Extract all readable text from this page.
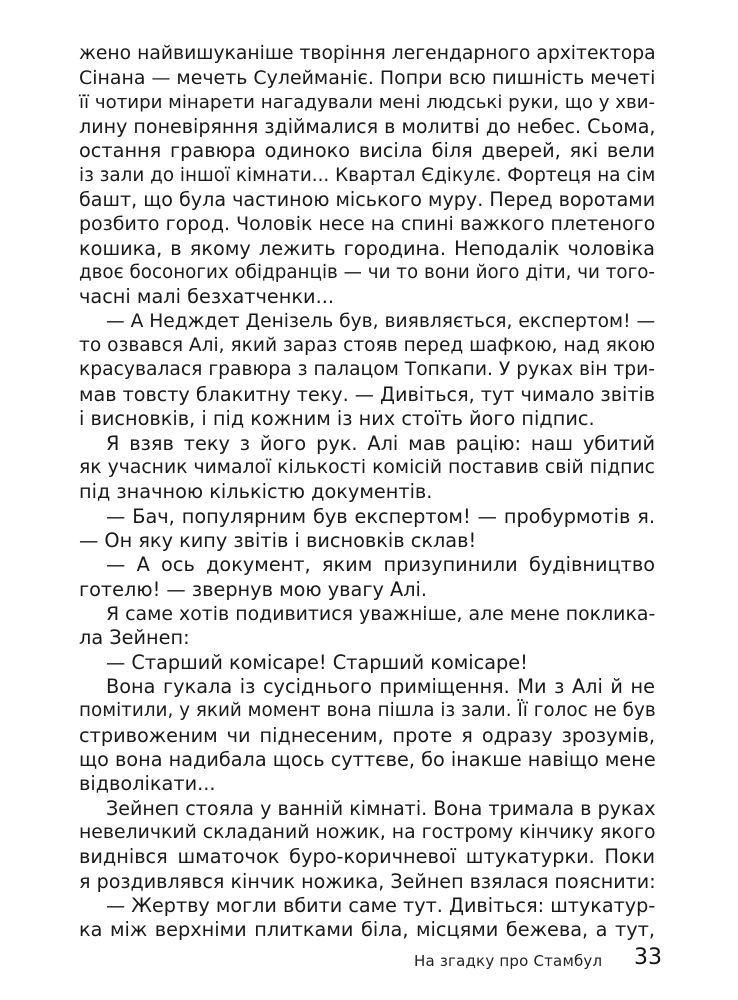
жено найвишуканіше творіння легендарного архітектора
Сінана — мечеть Сулейманіє. Попри всю пишність мечеті
її чотири мінарети нагадували мені людські руки, що у хви-
лину поневіряння здіймалися в молитві до небес. Сьома,
остання гравюра одиноко висіла біля дверей, які вели
із зали до іншої кімнати... Квартал Єдікулє. Фортеця на сім
башт, що була частиною міського муру. Перед воротами
розбито город. Чоловік несе на спині важкого плетеного
кошика, в якому лежить городина. Неподалік чоловіка
двоє босоногих обідранців — чи то вони його діти, чи того-
часні малі безхатченки...
— А Недждет Денізель був, виявляється, експертом! —
то озвався Алі, який зараз стояв перед шафкою, над якою
красувалася гравюра з палацом Топкапи. У руках він три-
мав товсту блакитну теку. — Дивіться, тут чимало звітів
і висновків, і під кожним із них стоїть його підпис.
Я взяв теку з його рук. Алі мав рацію: наш убитий
як учасник чималої кількості комісій поставив свій підпис
під значною кількістю документів.
— Бач, популярним був експертом! — пробурмотів я.
— Он яку кипу звітів і висновків склав!
— А ось документ, яким призупинили будівництво
готелю! — звернув мою увагу Алі.
Я саме хотів подивитися уважніше, але мене поклика-
ла Зейнеп:
— Старший комісаре! Старший комісаре!
Вона гукала із сусіднього приміщення. Ми з Алі й не
помітили, у який момент вона пішла із зали. Її голос не був
стривоженим чи піднесеним, проте я одразу зрозумів,
що вона надибала щось суттєве, бо інакше навіщо мене
відволікати...
Зейнеп стояла у ванній кімнаті. Вона тримала в руках
невеличкий складаний ножик, на гострому кінчику якого
виднівся шматочок буро-коричневої штукатурки. Поки
я роздивлявся кінчик ножика, Зейнеп взялася пояснити:
— Жертву могли вбити саме тут. Дивіться: штукатур-
ка між верхніми плитками біла, місцями бежева, а тут,
На згадку про Стамбул 33
